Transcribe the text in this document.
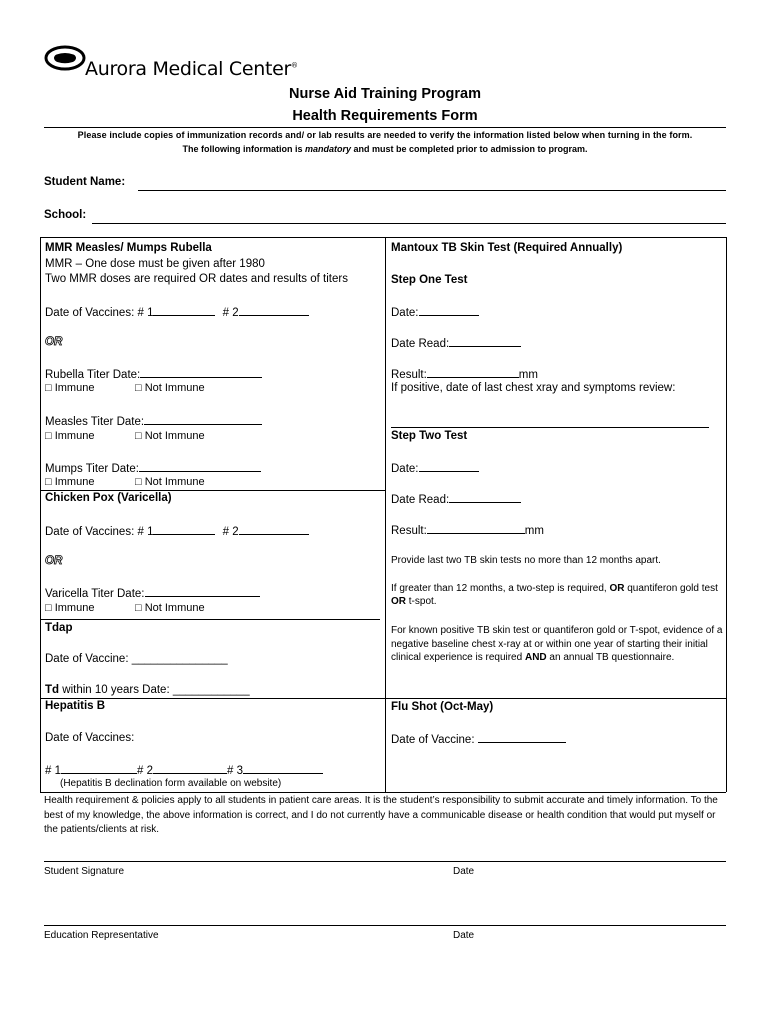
Aurora Medical Center®
Nurse Aid Training Program
Health Requirements Form
Please include copies of immunization records and/ or lab results are needed to verify the information listed below when turning in the form.
The following information is mandatory and must be completed prior to admission to program.
Student Name:
School:
MMR Measles/ Mumps Rubella
MMR – One dose must be given after 1980
Two MMR doses are required OR dates and results of titers
Date of Vaccines: # 1	# 2
OR
Rubella Titer Date:
□ Immune	□ Not Immune
Measles Titer Date:
□ Immune	□ Not Immune
Mumps Titer Date:
□ Immune	□ Not Immune
Chicken Pox (Varicella)
Date of Vaccines: # 1	# 2
OR
Varicella Titer Date:
□ Immune	□ Not Immune
Tdap
Date of Vaccine: _______________
Td within 10 years Date: ____________
Hepatitis B
Date of Vaccines:
# 1	# 2	# 3
(Hepatitis B declination form available on website)
Mantoux TB Skin Test (Required Annually)
Step One Test
Date:
Date Read:
Result:	mm
If positive, date of last chest xray and symptoms review:
Step Two Test
Date:
Date Read:
Result:	mm
Provide last two TB skin tests no more than 12 months apart.
If greater than 12 months, a two-step is required, OR quantiferon gold test OR t-spot.
For known positive TB skin test or quantiferon gold or T-spot, evidence of a negative baseline chest x-ray at or within one year of starting their initial clinical experience is required AND an annual TB questionnaire.
Flu Shot (Oct-May)
Date of Vaccine:
Health requirement & policies apply to all students in patient care areas. It is the student’s responsibility to submit accurate and timely information. To the best of my knowledge, the above information is correct, and I do not currently have a communicable disease or health condition that would put myself or the patients/clients at risk.
Student Signature	Date
Education Representative	Date
